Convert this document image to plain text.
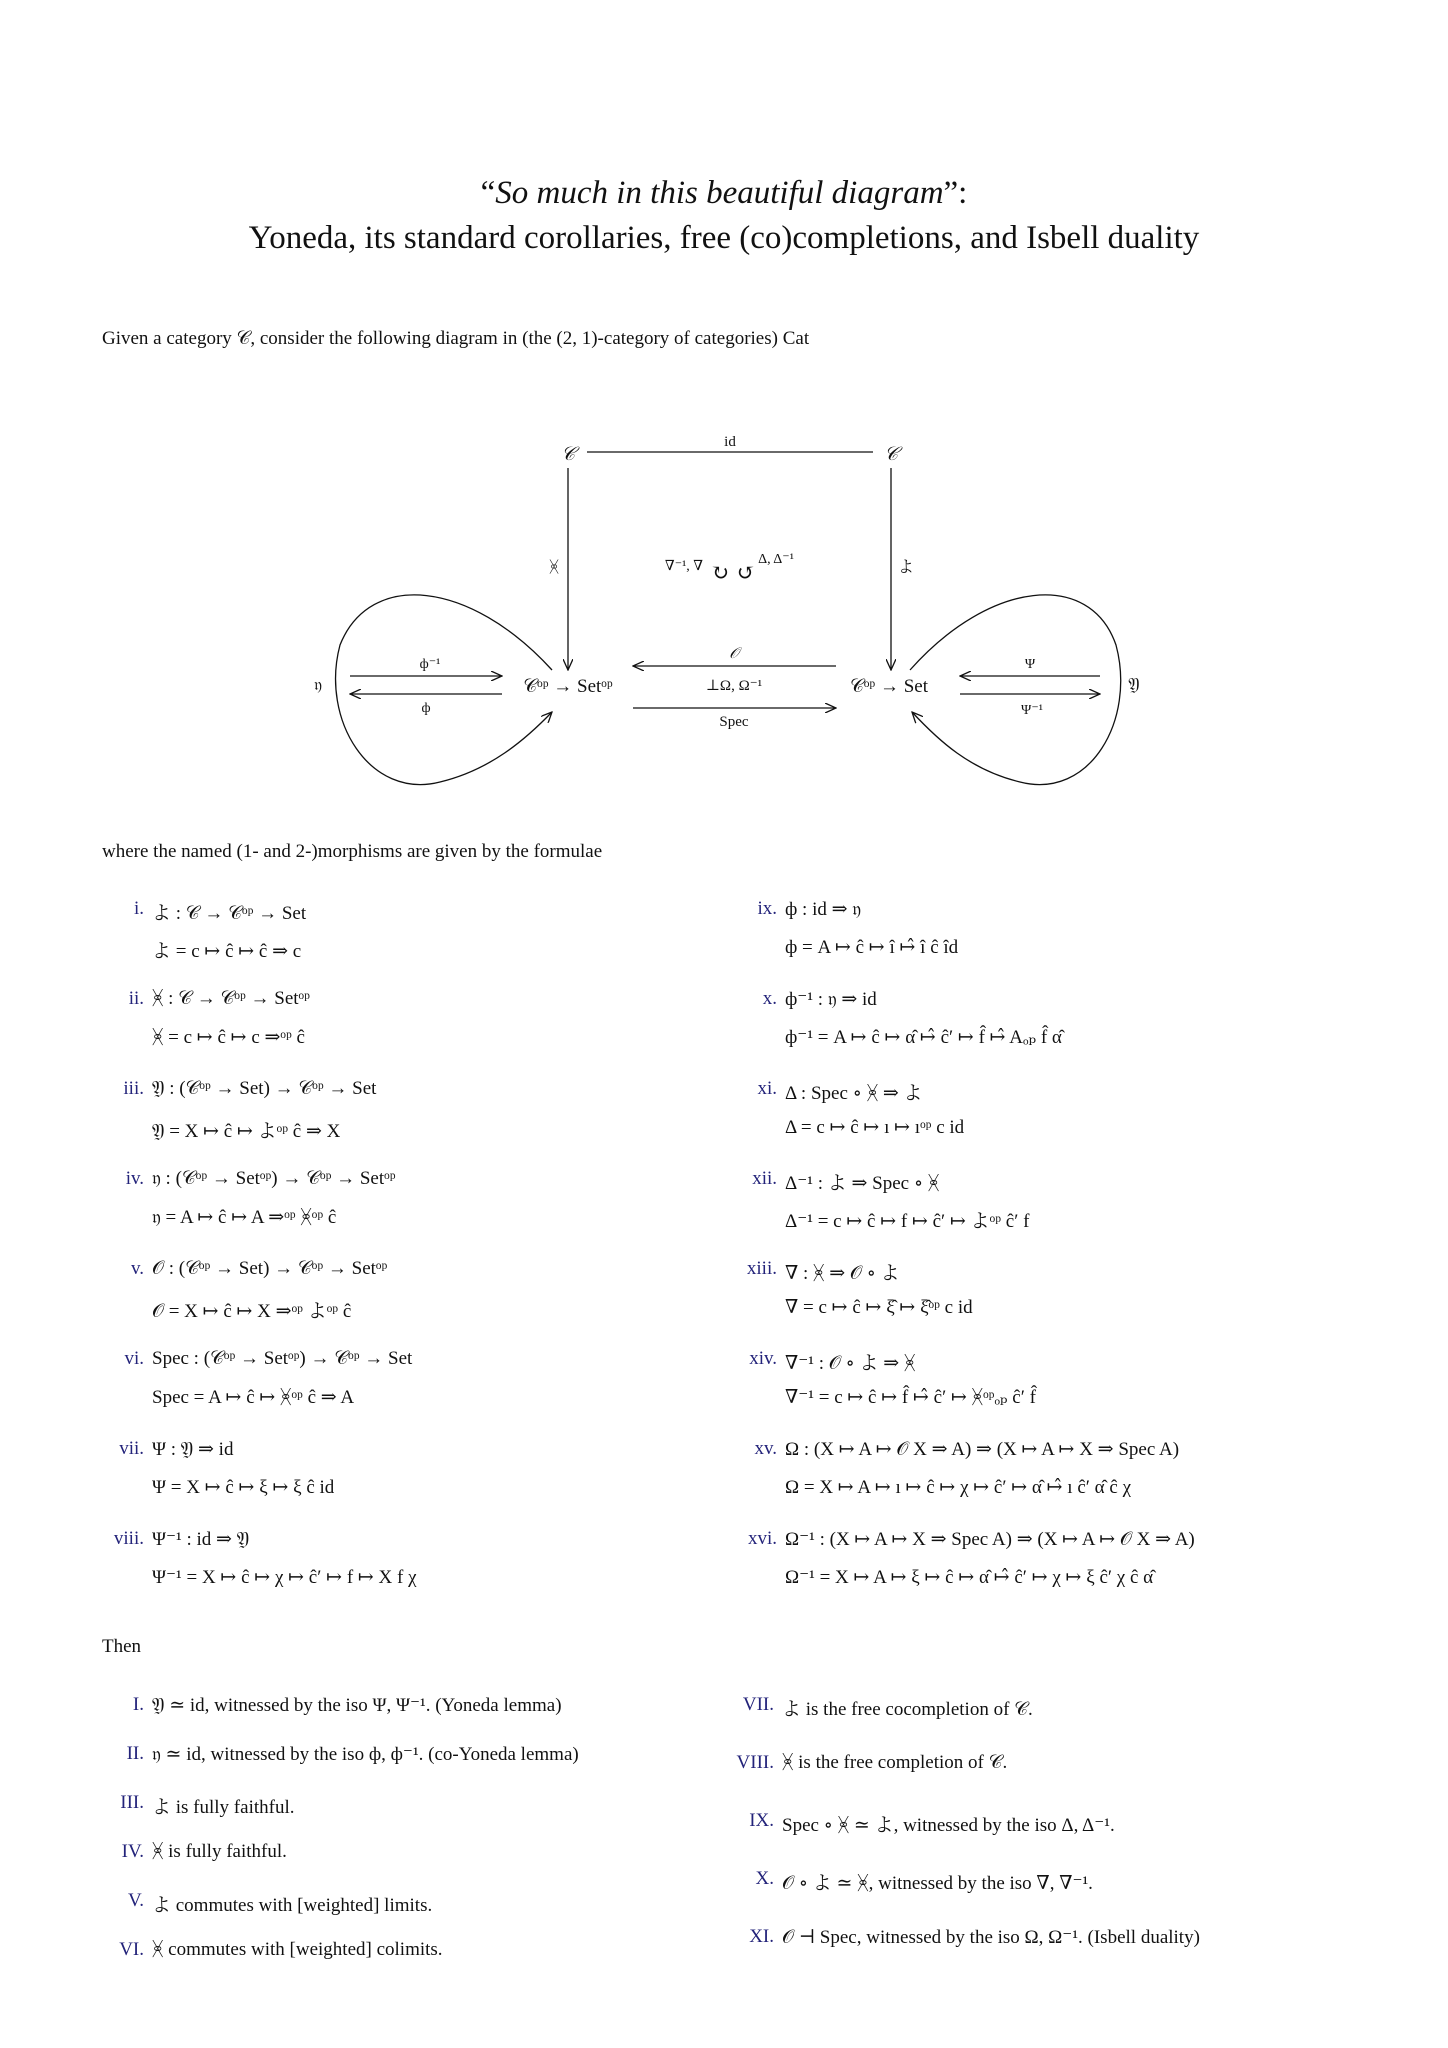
“So much in this beautiful diagram”:
Yoneda, its standard corollaries, free (co)completions, and Isbell duality
Given a category 𝒞, consider the following diagram in (the (2, 1)-category of categories) Cat
𝒞	𝒞
id
ᚸ	よ
∇⁻¹, ∇ ↻ ↺
Δ, Δ⁻¹
𝒞ᵒᵖ → Setᵒᵖ	𝒞ᵒᵖ → Set
𝒪
⊥Ω, Ω⁻¹
Spec
𝔶	𝔜
ф⁻¹
ф
Ψ
Ψ⁻¹
where the named (1- and 2-)morphisms are given by the formulae
i. よ : 𝒞 → 𝒞ᵒᵖ → Set
よ = c ↦ ĉ ↦ ĉ ⇒ c
ii. ᚸ : 𝒞 → 𝒞ᵒᵖ → Setᵒᵖ
ᚸ = c ↦ ĉ ↦ c ⇒ᵒᵖ ĉ
iii. 𝔜 : (𝒞ᵒᵖ → Set) → 𝒞ᵒᵖ → Set
𝔜 = X ↦ ĉ ↦ よᵒᵖ ĉ ⇒ X
iv. 𝔶 : (𝒞ᵒᵖ → Setᵒᵖ) → 𝒞ᵒᵖ → Setᵒᵖ
𝔶 = A ↦ ĉ ↦ A ⇒ᵒᵖ ᚸᵒᵖ ĉ
v. 𝒪 : (𝒞ᵒᵖ → Set) → 𝒞ᵒᵖ → Setᵒᵖ
𝒪 = X ↦ ĉ ↦ X ⇒ᵒᵖ よᵒᵖ ĉ
vi. Spec : (𝒞ᵒᵖ → Setᵒᵖ) → 𝒞ᵒᵖ → Set
Spec = A ↦ ĉ ↦ ᚸᵒᵖ ĉ ⇒ A
vii. Ψ : 𝔜 ⇒ id
Ψ = X ↦ ĉ ↦ ξ ↦ ξ ĉ id
viii. Ψ⁻¹ : id ⇒ 𝔜
Ψ⁻¹ = X ↦ ĉ ↦ χ ↦ ĉ′ ↦ f ↦ X f χ
ix. ф : id ⇒ 𝔶
ф = A ↦ ĉ ↦ î ↦̂ î ĉ îd
x. ф⁻¹ : 𝔶 ⇒ id
ф⁻¹ = A ↦ ĉ ↦ α̂ ↦̂ ĉ′ ↦ f̂ ↦̂ Aₒₚ f̂ α̂
xi. Δ : Spec ∘ ᚸ ⇒ よ
Δ = c ↦ ĉ ↦ ı ↦ ıᵒᵖ c id
xii. Δ⁻¹ : よ ⇒ Spec ∘ ᚸ
Δ⁻¹ = c ↦ ĉ ↦ f ↦ ĉ′ ↦ よᵒᵖ ĉ′ f
xiii. ∇ : ᚸ ⇒ 𝒪 ∘ よ
∇ = c ↦ ĉ ↦ ξ̂ ↦ ξ̂ᵒᵖ c id
xiv. ∇⁻¹ : 𝒪 ∘ よ ⇒ ᚸ
∇⁻¹ = c ↦ ĉ ↦ f̂ ↦̂ ĉ′ ↦ ᚸᵒᵖₒₚ ĉ′ f̂
xv. Ω : (X ↦ A ↦ 𝒪 X ⇒ A) ⇒ (X ↦ A ↦ X ⇒ Spec A)
Ω = X ↦ A ↦ ı ↦ ĉ ↦ χ ↦ ĉ′ ↦ α̂ ↦̂ ı ĉ′ α̂ ĉ χ
xvi. Ω⁻¹ : (X ↦ A ↦ X ⇒ Spec A) ⇒ (X ↦ A ↦ 𝒪 X ⇒ A)
Ω⁻¹ = X ↦ A ↦ ξ ↦ ĉ ↦ α̂ ↦̂ ĉ′ ↦ χ ↦ ξ ĉ′ χ ĉ α̂
Then
I. 𝔜 ≃ id, witnessed by the iso Ψ, Ψ⁻¹. (Yoneda lemma)
II. 𝔶 ≃ id, witnessed by the iso ф, ф⁻¹. (co-Yoneda lemma)
III. よ is fully faithful.
IV. ᚸ is fully faithful.
V. よ commutes with [weighted] limits.
VI. ᚸ commutes with [weighted] colimits.
VII. よ is the free cocompletion of 𝒞.
VIII. ᚸ is the free completion of 𝒞.
IX. Spec ∘ ᚸ ≃ よ, witnessed by the iso Δ, Δ⁻¹.
X. 𝒪 ∘ よ ≃ ᚸ, witnessed by the iso ∇, ∇⁻¹.
XI. 𝒪 ⊣ Spec, witnessed by the iso Ω, Ω⁻¹. (Isbell duality)
